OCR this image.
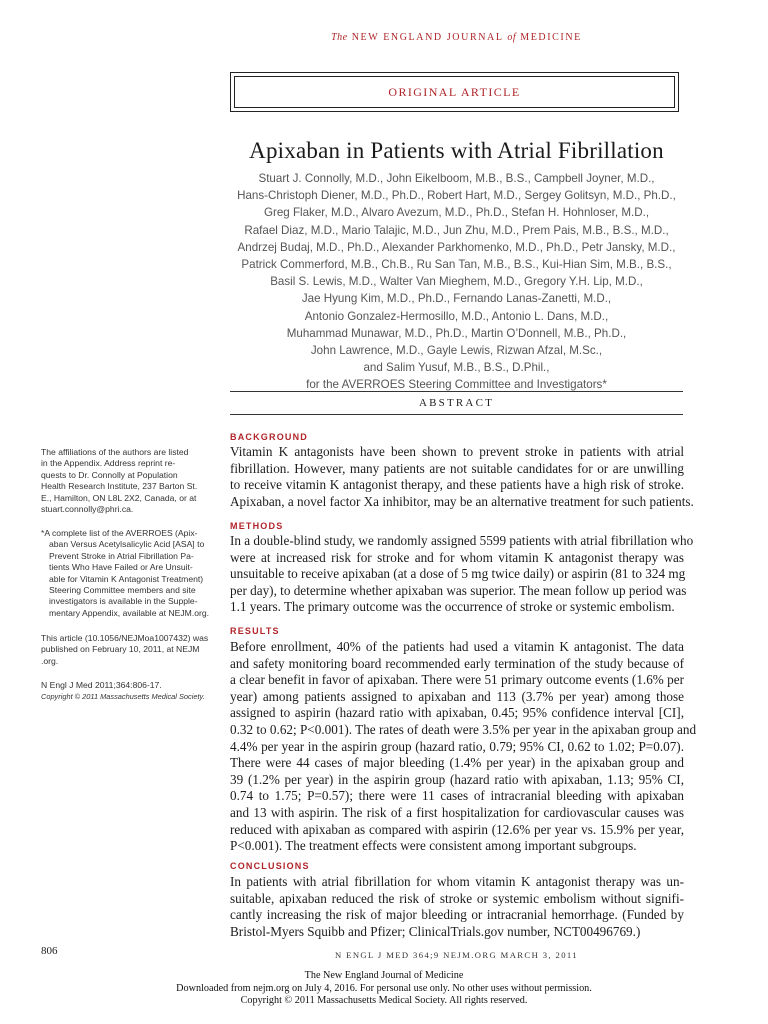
The NEW ENGLAND JOURNAL of MEDICINE
ORIGINAL ARTICLE
Apixaban in Patients with Atrial Fibrillation
Stuart J. Connolly, M.D., John Eikelboom, M.B., B.S., Campbell Joyner, M.D.,
Hans-Christoph Diener, M.D., Ph.D., Robert Hart, M.D., Sergey Golitsyn, M.D., Ph.D.,
Greg Flaker, M.D., Alvaro Avezum, M.D., Ph.D., Stefan H. Hohnloser, M.D.,
Rafael Diaz, M.D., Mario Talajic, M.D., Jun Zhu, M.D., Prem Pais, M.B., B.S., M.D.,
Andrzej Budaj, M.D., Ph.D., Alexander Parkhomenko, M.D., Ph.D., Petr Jansky, M.D.,
Patrick Commerford, M.B., Ch.B., Ru San Tan, M.B., B.S., Kui-Hian Sim, M.B., B.S.,
Basil S. Lewis, M.D., Walter Van Mieghem, M.D., Gregory Y.H. Lip, M.D.,
Jae Hyung Kim, M.D., Ph.D., Fernando Lanas-Zanetti, M.D.,
Antonio Gonzalez-Hermosillo, M.D., Antonio L. Dans, M.D.,
Muhammad Munawar, M.D., Ph.D., Martin O’Donnell, M.B., Ph.D.,
John Lawrence, M.D., Gayle Lewis, Rizwan Afzal, M.Sc.,
and Salim Yusuf, M.B., B.S., D.Phil.,
for the AVERROES Steering Committee and Investigators*
ABSTRACT
BACKGROUND
Vitamin K antagonists have been shown to prevent stroke in patients with atrial
fibrillation. However, many patients are not suitable candidates for or are unwilling
to receive vitamin K antagonist therapy, and these patients have a high risk of stroke.
Apixaban, a novel factor Xa inhibitor, may be an alternative treatment for such patients.
METHODS
In a double-blind study, we randomly assigned 5599 patients with atrial fibrillation who
were at increased risk for stroke and for whom vitamin K antagonist therapy was
unsuitable to receive apixaban (at a dose of 5 mg twice daily) or aspirin (81 to 324 mg
per day), to determine whether apixaban was superior. The mean follow up period was
1.1 years. The primary outcome was the occurrence of stroke or systemic embolism.
RESULTS
Before enrollment, 40% of the patients had used a vitamin K antagonist. The data
and safety monitoring board recommended early termination of the study because of
a clear benefit in favor of apixaban. There were 51 primary outcome events (1.6% per
year) among patients assigned to apixaban and 113 (3.7% per year) among those
assigned to aspirin (hazard ratio with apixaban, 0.45; 95% confidence interval [CI],
0.32 to 0.62; P<0.001). The rates of death were 3.5% per year in the apixaban group and
4.4% per year in the aspirin group (hazard ratio, 0.79; 95% CI, 0.62 to 1.02; P=0.07).
There were 44 cases of major bleeding (1.4% per year) in the apixaban group and
39 (1.2% per year) in the aspirin group (hazard ratio with apixaban, 1.13; 95% CI,
0.74 to 1.75; P=0.57); there were 11 cases of intracranial bleeding with apixaban
and 13 with aspirin. The risk of a first hospitalization for cardiovascular causes was
reduced with apixaban as compared with aspirin (12.6% per year vs. 15.9% per year,
P<0.001). The treatment effects were consistent among important subgroups.
CONCLUSIONS
In patients with atrial fibrillation for whom vitamin K antagonist therapy was un-
suitable, apixaban reduced the risk of stroke or systemic embolism without signifi-
cantly increasing the risk of major bleeding or intracranial hemorrhage. (Funded by
Bristol-Myers Squibb and Pfizer; ClinicalTrials.gov number, NCT00496769.)
The affiliations of the authors are listed
in the Appendix. Address reprint re-
quests to Dr. Connolly at Population
Health Research Institute, 237 Barton St.
E., Hamilton, ON L8L 2X2, Canada, or at
stuart.connolly@phri.ca.
*A complete list of the AVERROES (Apix-
aban Versus Acetylsalicylic Acid [ASA] to
Prevent Stroke in Atrial Fibrillation Pa-
tients Who Have Failed or Are Unsuit-
able for Vitamin K Antagonist Treatment)
Steering Committee members and site
investigators is available in the Supple-
mentary Appendix, available at NEJM.org.
This article (10.1056/NEJMoa1007432) was
published on February 10, 2011, at NEJM
.org.
N Engl J Med 2011;364:806-17.
Copyright © 2011 Massachusetts Medical Society.
806	N ENGL J MED 364;9 NEJM.ORG MARCH 3, 2011
The New England Journal of Medicine
Downloaded from nejm.org on July 4, 2016. For personal use only. No other uses without permission.
Copyright © 2011 Massachusetts Medical Society. All rights reserved.
